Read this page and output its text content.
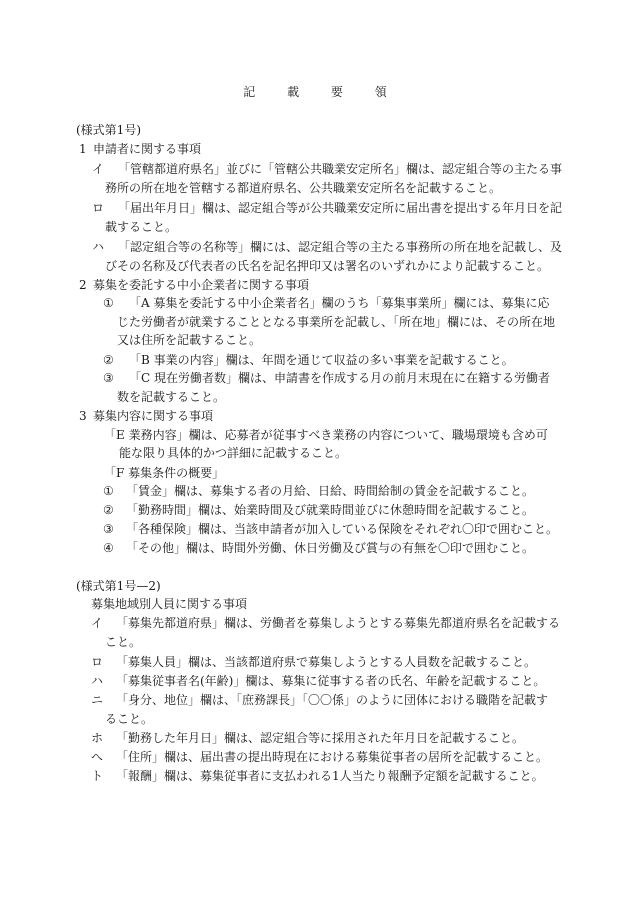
記 載 要 領
(様式第1号)
1 申請者に関する事項
イ 「管轄都道府県名」並びに「管轄公共職業安定所名」欄は、認定組合等の主たる事
務所の所在地を管轄する都道府県名、公共職業安定所名を記載すること。
ロ 「届出年月日」欄は、認定組合等が公共職業安定所に届出書を提出する年月日を記
載すること。
ハ 「認定組合等の名称等」欄には、認定組合等の主たる事務所の所在地を記載し、及
びその名称及び代表者の氏名を記名押印又は署名のいずれかにより記載すること。
2 募集を委託する中小企業者に関する事項
① 「A 募集を委託する中小企業者名」欄のうち「募集事業所」欄には、募集に応
じた労働者が就業することとなる事業所を記載し、「所在地」欄には、その所在地
又は住所を記載すること。
② 「B 事業の内容」欄は、年間を通じて収益の多い事業を記載すること。
③ 「C 現在労働者数」欄は、申請書を作成する月の前月末現在に在籍する労働者
数を記載すること。
3 募集内容に関する事項
「E 業務内容」欄は、応募者が従事すべき業務の内容について、職場環境も含め可
能な限り具体的かつ詳細に記載すること。
「F 募集条件の概要」
① 「賃金」欄は、募集する者の月給、日給、時間給制の賃金を記載すること。
② 「勤務時間」欄は、始業時間及び就業時間並びに休憩時間を記載すること。
③ 「各種保険」欄は、当該申請者が加入している保険をそれぞれ〇印で囲むこと。
④ 「その他」欄は、時間外労働、休日労働及び賞与の有無を〇印で囲むこと。
(様式第1号—2)
募集地域別人員に関する事項
イ 「募集先都道府県」欄は、労働者を募集しようとする募集先都道府県名を記載する
こと。
ロ 「募集人員」欄は、当該都道府県で募集しようとする人員数を記載すること。
ハ 「募集従事者名(年齢)」欄は、募集に従事する者の氏名、年齢を記載すること。
ニ 「身分、地位」欄は、「庶務課長」「〇〇係」のように団体における職階を記載す
ること。
ホ 「勤務した年月日」欄は、認定組合等に採用された年月日を記載すること。
へ 「住所」欄は、届出書の提出時現在における募集従事者の居所を記載すること。
ト 「報酬」欄は、募集従事者に支払われる1人当たり報酬予定額を記載すること。
